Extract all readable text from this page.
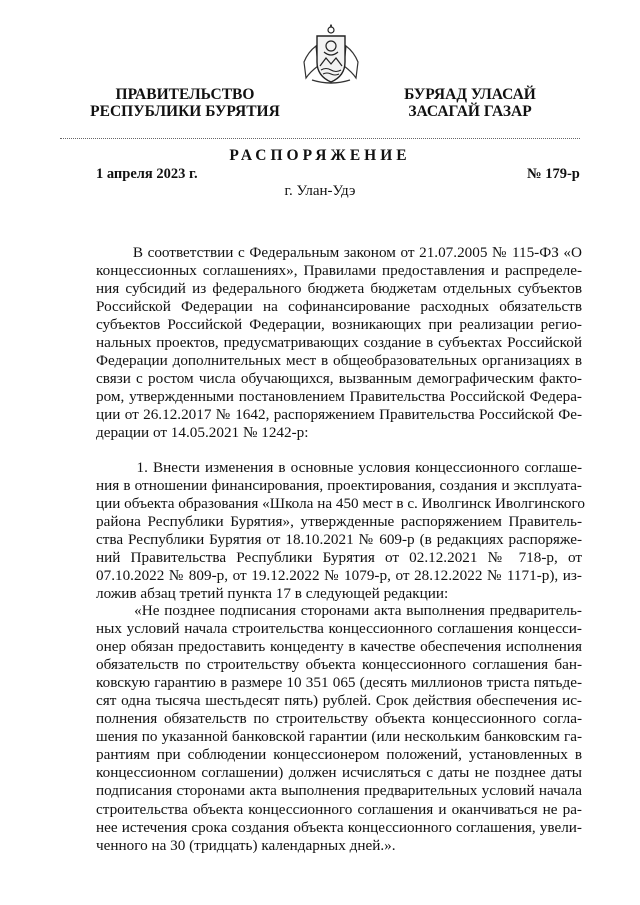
ПРАВИТЕЛЬСТВО
РЕСПУБЛИКИ БУРЯТИЯ
БУРЯАД УЛАСАЙ
ЗАСАГАЙ ГАЗАР
РАСПОРЯЖЕНИЕ
1 апреля 2023 г.	№ 179-р
г. Улан-Удэ
В соответствии с Федеральным законом от 21.07.2005 № 115-ФЗ «О
концессионных соглашениях», Правилами предоставления и распределе-
ния субсидий из федерального бюджета бюджетам отдельных субъектов
Российской Федерации на софинансирование расходных обязательств
субъектов Российской Федерации, возникающих при реализации регио-
нальных проектов, предусматривающих создание в субъектах Российской
Федерации дополнительных мест в общеобразовательных организациях в
связи с ростом числа обучающихся, вызванным демографическим факто-
ром, утвержденными постановлением Правительства Российской Федера-
ции от 26.12.2017 № 1642, распоряжением Правительства Российской Фе-
дерации от 14.05.2021 № 1242-р:
1. Внести изменения в основные условия концессионного соглаше-
ния в отношении финансирования, проектирования, создания и эксплуата-
ции объекта образования «Школа на 450 мест в с. Иволгинск Иволгинского
района Республики Бурятия», утвержденные распоряжением Правитель-
ства Республики Бурятия от 18.10.2021 № 609-р (в редакциях распоряже-
ний Правительства Республики Бурятия от 02.12.2021 № 718-р, от
07.10.2022 № 809-р, от 19.12.2022 № 1079-р, от 28.12.2022 № 1171-р), из-
ложив абзац третий пункта 17 в следующей редакции:
«Не позднее подписания сторонами акта выполнения предваритель-
ных условий начала строительства концессионного соглашения концесси-
онер обязан предоставить концеденту в качестве обеспечения исполнения
обязательств по строительству объекта концессионного соглашения бан-
ковскую гарантию в размере 10 351 065 (десять миллионов триста пятьде-
сят одна тысяча шестьдесят пять) рублей. Срок действия обеспечения ис-
полнения обязательств по строительству объекта концессионного согла-
шения по указанной банковской гарантии (или нескольким банковским га-
рантиям при соблюдении концессионером положений, установленных в
концессионном соглашении) должен исчисляться с даты не позднее даты
подписания сторонами акта выполнения предварительных условий начала
строительства объекта концессионного соглашения и оканчиваться не ра-
нее истечения срока создания объекта концессионного соглашения, увели-
ченного на 30 (тридцать) календарных дней.».
